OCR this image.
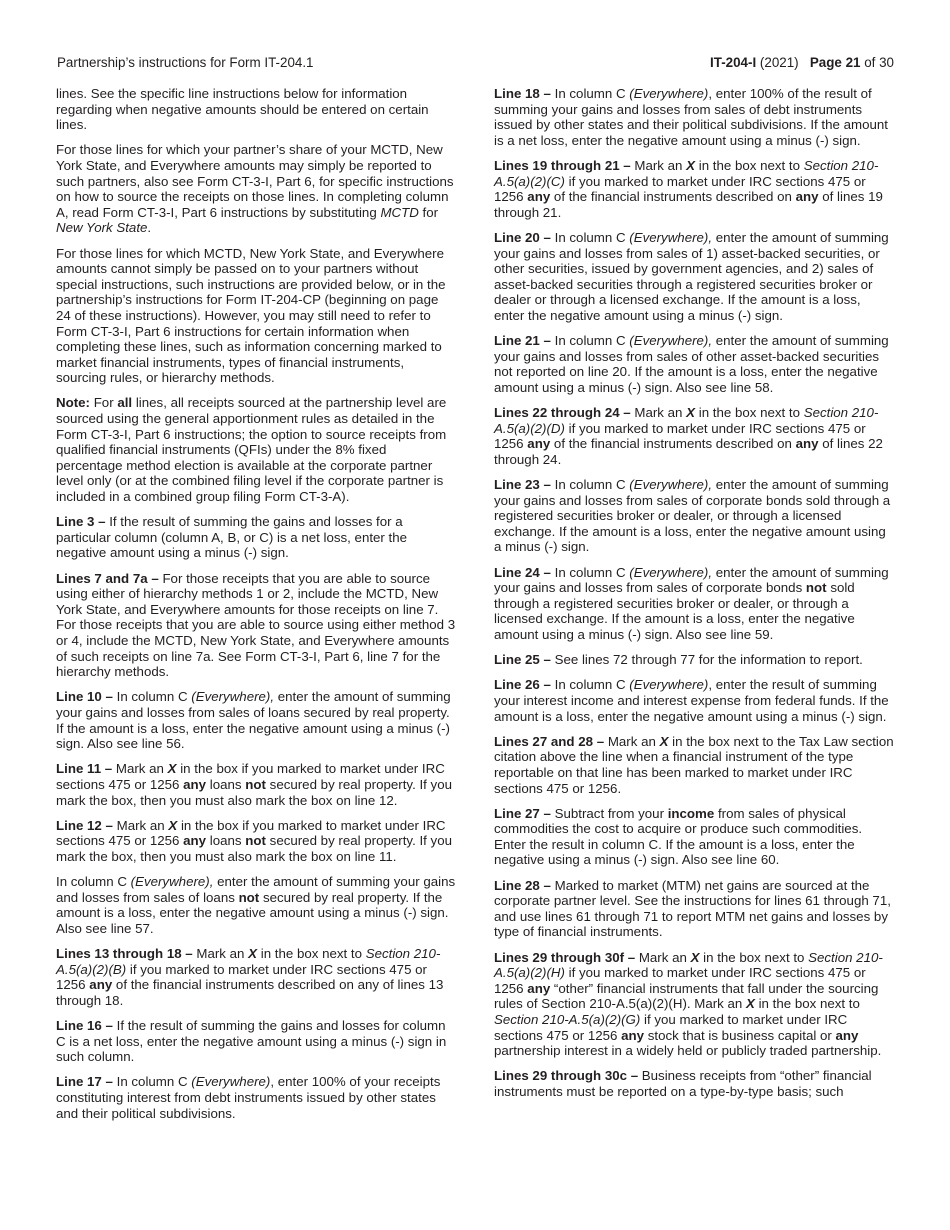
Partnership’s instructions for Form IT-204.1	IT-204-I (2021) Page 21 of 30

lines. See the specific line instructions below for information regarding when negative amounts should be entered on certain lines.

For those lines for which your partner’s share of your MCTD, New York State, and Everywhere amounts may simply be reported to such partners, also see Form CT-3-I, Part 6, for specific instructions on how to source the receipts on those lines. In completing column A, read Form CT-3-I, Part 6 instructions by substituting MCTD for New York State.

For those lines for which MCTD, New York State, and Everywhere amounts cannot simply be passed on to your partners without special instructions, such instructions are provided below, or in the partnership’s instructions for Form IT-204-CP (beginning on page 24 of these instructions). However, you may still need to refer to Form CT-3-I, Part 6 instructions for certain information when completing these lines, such as information concerning marked to market financial instruments, types of financial instruments, sourcing rules, or hierarchy methods.

Note: For all lines, all receipts sourced at the partnership level are sourced using the general apportionment rules as detailed in the Form CT-3-I, Part 6 instructions; the option to source receipts from qualified financial instruments (QFIs) under the 8% fixed percentage method election is available at the corporate partner level only (or at the combined filing level if the corporate partner is included in a combined group filing Form CT-3-A).

Line 3 – If the result of summing the gains and losses for a particular column (column A, B, or C) is a net loss, enter the negative amount using a minus (-) sign.

Lines 7 and 7a – For those receipts that you are able to source using either of hierarchy methods 1 or 2, include the MCTD, New York State, and Everywhere amounts for those receipts on line 7. For those receipts that you are able to source using either method 3 or 4, include the MCTD, New York State, and Everywhere amounts of such receipts on line 7a. See Form CT-3-I, Part 6, line 7 for the hierarchy methods.

Line 10 – In column C (Everywhere), enter the amount of summing your gains and losses from sales of loans secured by real property. If the amount is a loss, enter the negative amount using a minus (-) sign. Also see line 56.

Line 11 – Mark an X in the box if you marked to market under IRC sections 475 or 1256 any loans not secured by real property. If you mark the box, then you must also mark the box on line 12.

Line 12 – Mark an X in the box if you marked to market under IRC sections 475 or 1256 any loans not secured by real property. If you mark the box, then you must also mark the box on line 11.

In column C (Everywhere), enter the amount of summing your gains and losses from sales of loans not secured by real property. If the amount is a loss, enter the negative amount using a minus (-) sign. Also see line 57.

Lines 13 through 18 – Mark an X in the box next to Section 210-A.5(a)(2)(B) if you marked to market under IRC sections 475 or 1256 any of the financial instruments described on any of lines 13 through 18.

Line 16 – If the result of summing the gains and losses for column C is a net loss, enter the negative amount using a minus (-) sign in such column.

Line 17 – In column C (Everywhere), enter 100% of your receipts constituting interest from debt instruments issued by other states and their political subdivisions.

Line 18 – In column C (Everywhere), enter 100% of the result of summing your gains and losses from sales of debt instruments issued by other states and their political subdivisions. If the amount is a net loss, enter the negative amount using a minus (-) sign.

Lines 19 through 21 – Mark an X in the box next to Section 210-A.5(a)(2)(C) if you marked to market under IRC sections 475 or 1256 any of the financial instruments described on any of lines 19 through 21.

Line 20 – In column C (Everywhere), enter the amount of summing your gains and losses from sales of 1) asset-backed securities, or other securities, issued by government agencies, and 2) sales of asset-backed securities through a registered securities broker or dealer or through a licensed exchange. If the amount is a loss, enter the negative amount using a minus (-) sign.

Line 21 – In column C (Everywhere), enter the amount of summing your gains and losses from sales of other asset-backed securities not reported on line 20. If the amount is a loss, enter the negative amount using a minus (-) sign. Also see line 58.

Lines 22 through 24 – Mark an X in the box next to Section 210-A.5(a)(2)(D) if you marked to market under IRC sections 475 or 1256 any of the financial instruments described on any of lines 22 through 24.

Line 23 – In column C (Everywhere), enter the amount of summing your gains and losses from sales of corporate bonds sold through a registered securities broker or dealer, or through a licensed exchange. If the amount is a loss, enter the negative amount using a minus (-) sign.

Line 24 – In column C (Everywhere), enter the amount of summing your gains and losses from sales of corporate bonds not sold through a registered securities broker or dealer, or through a licensed exchange. If the amount is a loss, enter the negative amount using a minus (-) sign. Also see line 59.

Line 25 – See lines 72 through 77 for the information to report.

Line 26 – In column C (Everywhere), enter the result of summing your interest income and interest expense from federal funds. If the amount is a loss, enter the negative amount using a minus (-) sign.

Lines 27 and 28 – Mark an X in the box next to the Tax Law section citation above the line when a financial instrument of the type reportable on that line has been marked to market under IRC sections 475 or 1256.

Line 27 – Subtract from your income from sales of physical commodities the cost to acquire or produce such commodities. Enter the result in column C. If the amount is a loss, enter the negative using a minus (-) sign. Also see line 60.

Line 28 – Marked to market (MTM) net gains are sourced at the corporate partner level. See the instructions for lines 61 through 71, and use lines 61 through 71 to report MTM net gains and losses by type of financial instruments.

Lines 29 through 30f – Mark an X in the box next to Section 210-A.5(a)(2)(H) if you marked to market under IRC sections 475 or 1256 any “other” financial instruments that fall under the sourcing rules of Section 210-A.5(a)(2)(H). Mark an X in the box next to Section 210-A.5(a)(2)(G) if you marked to market under IRC sections 475 or 1256 any stock that is business capital or any partnership interest in a widely held or publicly traded partnership.

Lines 29 through 30c – Business receipts from “other” financial instruments must be reported on a type-by-type basis; such
